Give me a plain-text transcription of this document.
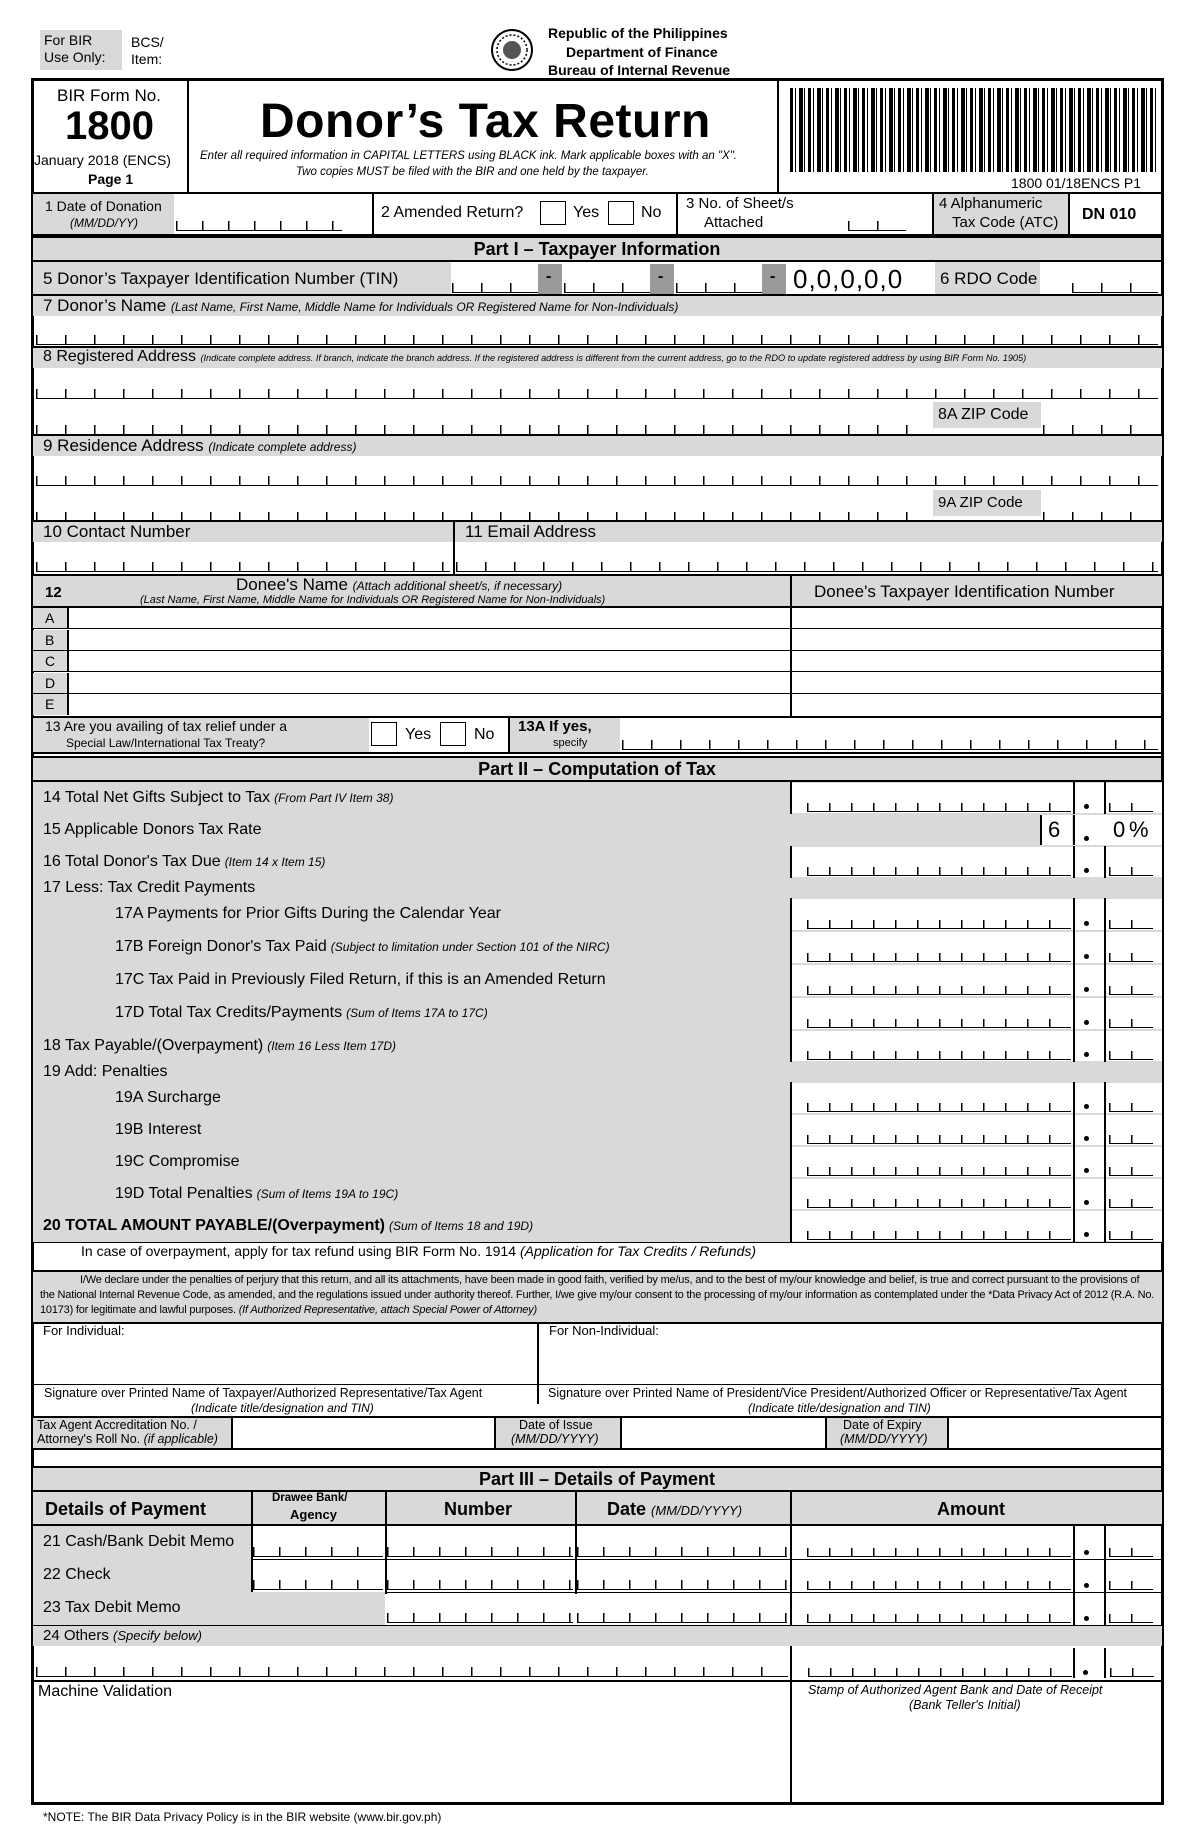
For BIR
Use Only:
BCS/
Item:
Republic of the Philippines
Department of Finance
Bureau of Internal Revenue
BIR Form No.
1800
January 2018 (ENCS)
Page 1
Donor’s Tax Return
Enter all required information in CAPITAL LETTERS using BLACK ink. Mark applicable boxes with an "X".
Two copies MUST be filed with the BIR and one held by the taxpayer.
1800 01/18ENCS P1
1 Date of Donation
(MM/DD/YY)
2 Amended Return?	Yes	No
3 No. of Sheet/s
Attached
4 Alphanumeric
Tax Code (ATC) DN 010
Part I – Taxpayer Information
5 Donor’s Taxpayer Identification Number (TIN)	-	-	- 0,0,0,0,0 6 RDO Code
7 Donor’s Name (Last Name, First Name, Middle Name for Individuals OR Registered Name for Non-Individuals)
8 Registered Address (Indicate complete address. If branch, indicate the branch address. If the registered address is different from the current address, go to the RDO to update registered address by using BIR Form No. 1905)
8A ZIP Code
9 Residence Address (Indicate complete address)
9A ZIP Code
10 Contact Number	11 Email Address
12	Donee's Name (Attach additional sheet/s, if necessary)
(Last Name, First Name, Middle Name for Individuals OR Registered Name for Non-Individuals)	Donee's Taxpayer Identification Number
A
B
C
D
E
13 Are you availing of tax relief under a
Special Law/International Tax Treaty?	Yes	No 13A If yes,
specify
Part II – Computation of Tax
14 Total Net Gifts Subject to Tax (From Part IV Item 38)
15 Applicable Donors Tax Rate	6 0 %
16 Total Donor's Tax Due (Item 14 x Item 15)
17 Less: Tax Credit Payments
17A Payments for Prior Gifts During the Calendar Year
17B Foreign Donor's Tax Paid (Subject to limitation under Section 101 of the NIRC)
17C Tax Paid in Previously Filed Return, if this is an Amended Return
17D Total Tax Credits/Payments (Sum of Items 17A to 17C)
18 Tax Payable/(Overpayment) (Item 16 Less Item 17D)
19 Add: Penalties
19A Surcharge
19B Interest
19C Compromise
19D Total Penalties (Sum of Items 19A to 19C)
20 TOTAL AMOUNT PAYABLE/(Overpayment) (Sum of Items 18 and 19D)
In case of overpayment, apply for tax refund using BIR Form No. 1914 (Application for Tax Credits / Refunds)
I/We declare under the penalties of perjury that this return, and all its attachments, have been made in good faith, verified by me/us, and to the best of my/our knowledge and belief, is true and correct pursuant to the provisions of the National Internal Revenue Code, as amended, and the regulations issued under authority thereof. Further, I/we give my/our consent to the processing of my/our information as contemplated under the *Data Privacy Act of 2012 (R.A. No. 10173) for legitimate and lawful purposes. (If Authorized Representative, attach Special Power of Attorney)
For Individual:	For Non-Individual:
Signature over Printed Name of Taxpayer/Authorized Representative/Tax Agent
(Indicate title/designation and TIN)
Signature over Printed Name of President/Vice President/Authorized Officer or Representative/Tax Agent
(Indicate title/designation and TIN)
Tax Agent Accreditation No. /
Attorney's Roll No. (if applicable)
Date of Issue
(MM/DD/YYYY)
Date of Expiry
(MM/DD/YYYY)
Part III – Details of Payment
Details of Payment
Drawee Bank/
Agency	Number	Date (MM/DD/YYYY)	Amount
21 Cash/Bank Debit Memo
22 Check
23 Tax Debit Memo
24 Others (Specify below)
Machine Validation	Stamp of Authorized Agent Bank and Date of Receipt
(Bank Teller's Initial)
*NOTE: The BIR Data Privacy Policy is in the BIR website (www.bir.gov.ph)
